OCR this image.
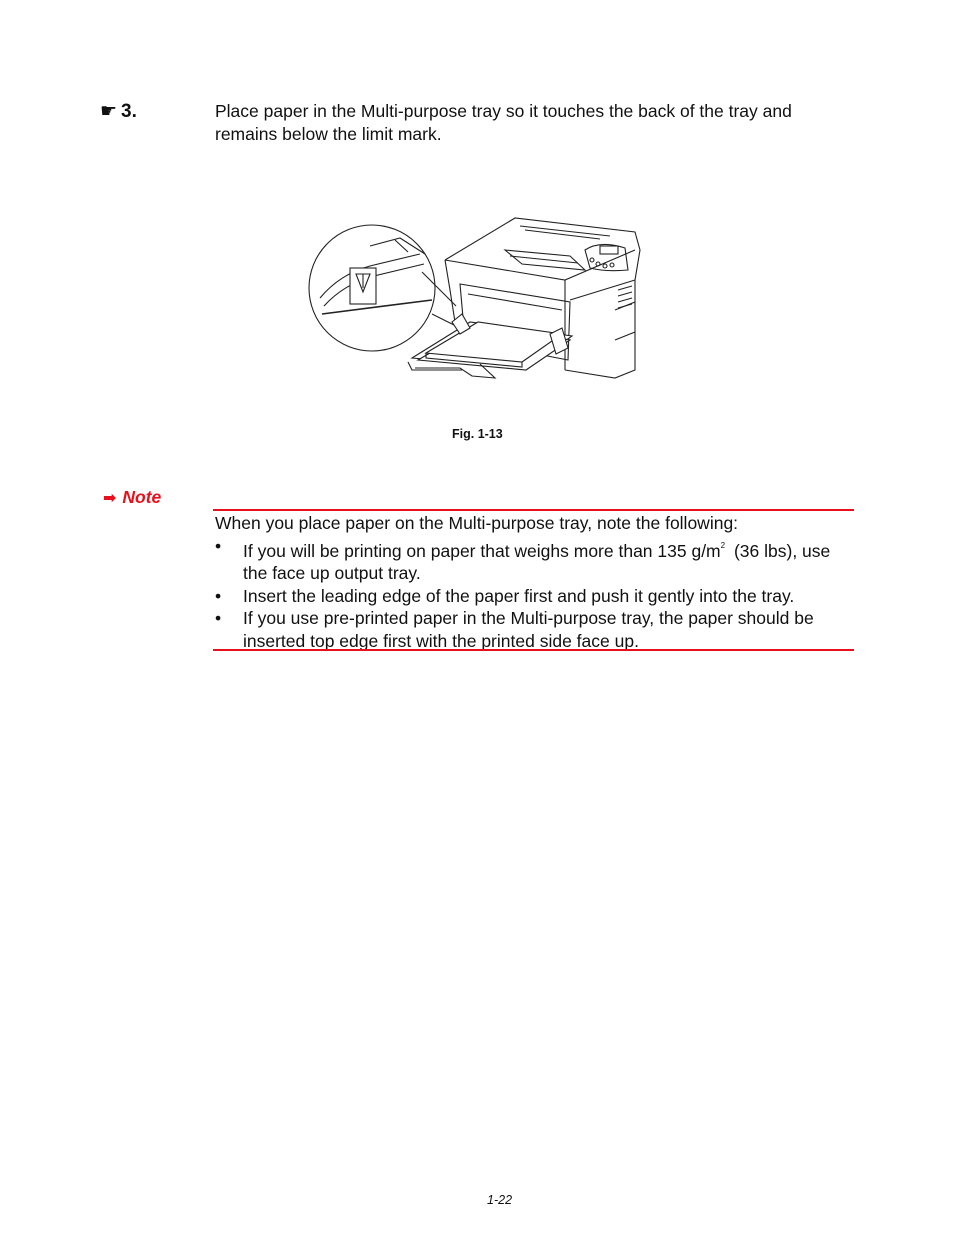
☛ 3.	Place paper in the Multi-purpose tray so it touches the back of the tray and remains below the limit mark.
Fig. 1-13
➡ Note
When you place paper on the Multi-purpose tray, note the following:
• If you will be printing on paper that weighs more than 135 $g/m^2$ (36 lbs), use the face up output tray.
• Insert the leading edge of the paper first and push it gently into the tray.
• If you use pre-printed paper in the Multi-purpose tray, the paper should be inserted top edge first with the printed side face up.
1-22
